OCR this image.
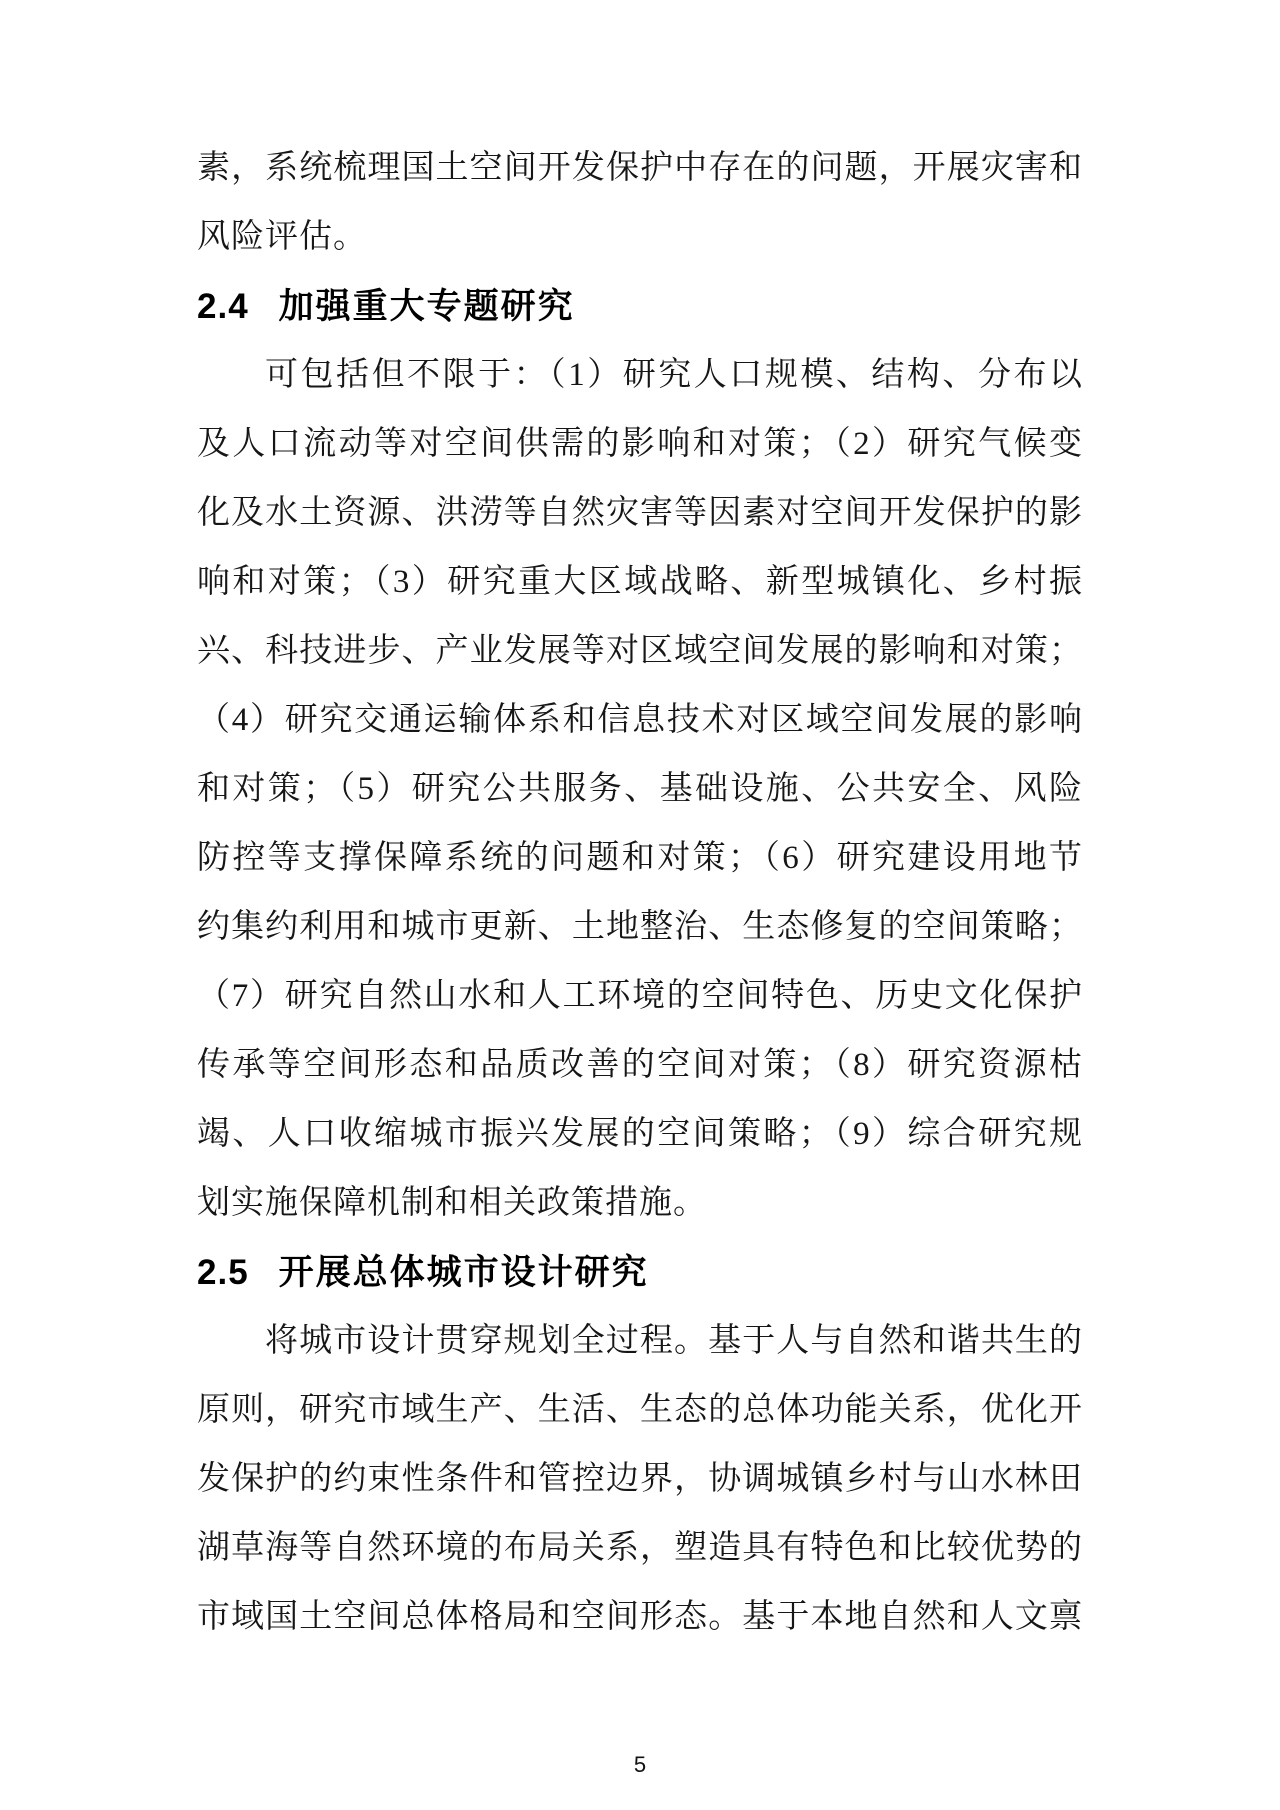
素，系统梳理国土空间开发保护中存在的问题，开展灾害和
风险评估。
2.4 加强重大专题研究
可包括但不限于：（1）研究人口规模、结构、分布以
及人口流动等对空间供需的影响和对策；（2）研究气候变
化及水土资源、洪涝等自然灾害等因素对空间开发保护的影
响和对策；（3）研究重大区域战略、新型城镇化、乡村振
兴、科技进步、产业发展等对区域空间发展的影响和对策；
（4）研究交通运输体系和信息技术对区域空间发展的影响
和对策；（5）研究公共服务、基础设施、公共安全、风险
防控等支撑保障系统的问题和对策；（6）研究建设用地节
约集约利用和城市更新、土地整治、生态修复的空间策略；
（7）研究自然山水和人工环境的空间特色、历史文化保护
传承等空间形态和品质改善的空间对策；（8）研究资源枯
竭、人口收缩城市振兴发展的空间策略；（9）综合研究规
划实施保障机制和相关政策措施。
2.5 开展总体城市设计研究
将城市设计贯穿规划全过程。基于人与自然和谐共生的
原则，研究市域生产、生活、生态的总体功能关系，优化开
发保护的约束性条件和管控边界，协调城镇乡村与山水林田
湖草海等自然环境的布局关系，塑造具有特色和比较优势的
市域国土空间总体格局和空间形态。基于本地自然和人文禀
5
